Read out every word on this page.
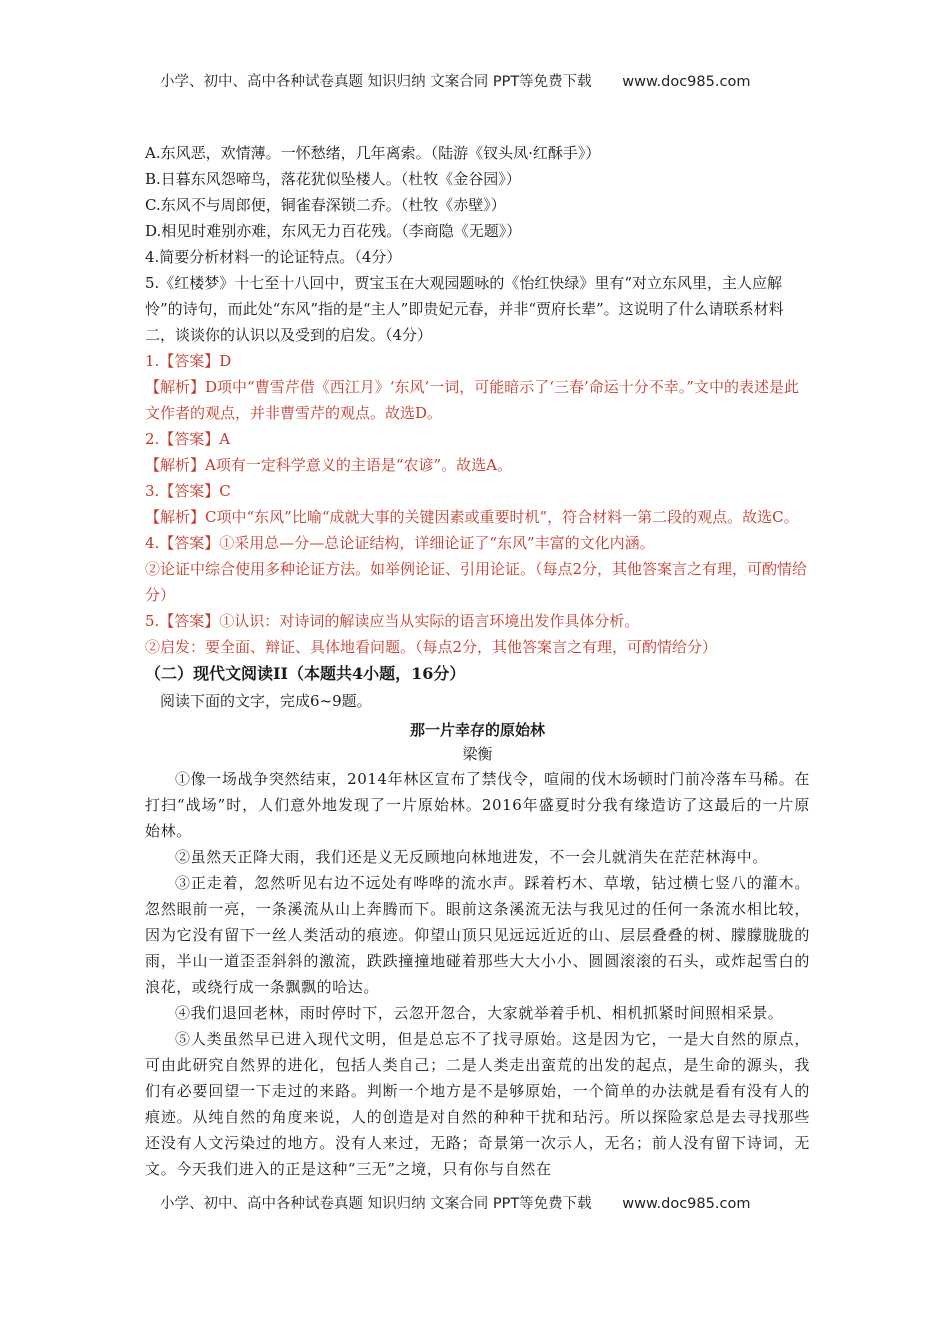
小学、初中、高中各种试卷真题 知识归纳 文案合同 PPT等免费下载 www.doc985.com
A.东风恶，欢情薄。一怀愁绪，几年离索。（陆游《钗头凤·红酥手》）
B.日暮东风怨啼鸟，落花犹似坠楼人。（杜牧《金谷园》）
C.东风不与周郎便，铜雀春深锁二乔。（杜牧《赤壁》）
D.相见时难别亦难，东风无力百花残。（李商隐《无题》）
4.简要分析材料一的论证特点。（4分）
5.《红楼梦》十七至十八回中，贾宝玉在大观园题咏的《怡红快绿》里有“对立东风里，主人应解怜”的诗句，而此处“东风”指的是“主人”即贵妃元春，并非“贾府长辈”。这说明了什么请联系材料二，谈谈你的认识以及受到的启发。（4分）
1.【答案】D
【解析】D项中“曹雪芹借《西江月》‘东风’一词，可能暗示了‘三春’命运十分不幸。”文中的表述是此文作者的观点，并非曹雪芹的观点。故选D。
2.【答案】A
【解析】A项有一定科学意义的主语是“农谚”。故选A。
3.【答案】C
【解析】C项中“东风”比喻“成就大事的关键因素或重要时机”，符合材料一第二段的观点。故选C。
4.【答案】①采用总—分—总论证结构，详细论证了“东风”丰富的文化内涵。
②论证中综合使用多种论证方法。如举例论证、引用论证。（每点2分，其他答案言之有理，可酌情给分）
5.【答案】①认识：对诗词的解读应当从实际的语言环境出发作具体分析。
②启发：要全面、辩证、具体地看问题。（每点2分，其他答案言之有理，可酌情给分）
（二）现代文阅读II（本题共4小题，16分）
阅读下面的文字，完成6~9题。
那一片幸存的原始林
梁衡
①像一场战争突然结束，2014年林区宣布了禁伐令，喧闹的伐木场顿时门前冷落车马稀。在打扫“战场”时，人们意外地发现了一片原始林。2016年盛夏时分我有缘造访了这最后的一片原始林。
②虽然天正降大雨，我们还是义无反顾地向林地进发，不一会儿就消失在茫茫林海中。
③正走着，忽然听见右边不远处有哗哗的流水声。踩着朽木、草墩，钻过横七竖八的灌木。忽然眼前一亮，一条溪流从山上奔腾而下。眼前这条溪流无法与我见过的任何一条流水相比较，因为它没有留下一丝人类活动的痕迹。仰望山顶只见远远近近的山、层层叠叠的树、朦朦胧胧的雨，半山一道歪歪斜斜的激流，跌跌撞撞地碰着那些大大小小、圆圆滚滚的石头，或炸起雪白的浪花，或绕行成一条飘飘的哈达。
④我们退回老林，雨时停时下，云忽开忽合，大家就举着手机、相机抓紧时间照相采景。
⑤人类虽然早已进入现代文明，但是总忘不了找寻原始。这是因为它，一是大自然的原点，可由此研究自然界的进化，包括人类自己；二是人类走出蛮荒的出发的起点，是生命的源头，我们有必要回望一下走过的来路。判断一个地方是不是够原始，一个简单的办法就是看有没有人的痕迹。从纯自然的角度来说，人的创造是对自然的种种干扰和玷污。所以探险家总是去寻找那些还没有人文污染过的地方。没有人来过，无路；奇景第一次示人，无名；前人没有留下诗词，无文。今天我们进入的正是这种“三无”之境，只有你与自然在
小学、初中、高中各种试卷真题 知识归纳 文案合同 PPT等免费下载 www.doc985.com
